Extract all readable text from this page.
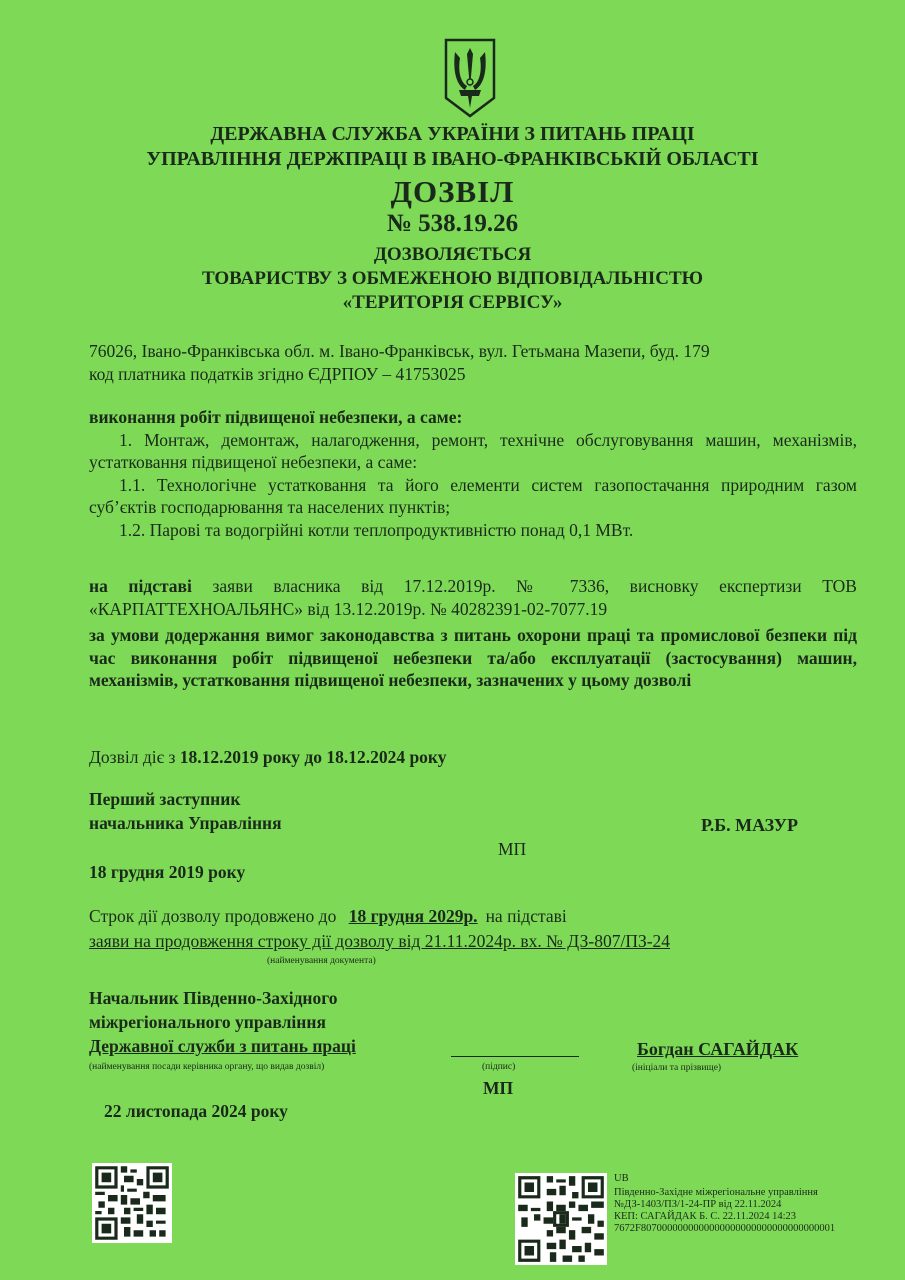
ДЕРЖАВНА СЛУЖБА УКРАЇНИ З ПИТАНЬ ПРАЦІ
УПРАВЛІННЯ ДЕРЖПРАЦІ В ІВАНО-ФРАНКІВСЬКІЙ ОБЛАСТІ
ДОЗВІЛ
№ 538.19.26
ДОЗВОЛЯЄТЬСЯ
ТОВАРИСТВУ З ОБМЕЖЕНОЮ ВІДПОВІДАЛЬНІСТЮ
«ТЕРИТОРІЯ СЕРВІСУ»
76026, Івано-Франківська обл. м. Івано-Франківськ, вул. Гетьмана Мазепи, буд. 179
код платника податків згідно ЄДРПОУ – 41753025
виконання робіт підвищеної небезпеки, а саме:
1. Монтаж, демонтаж, налагодження, ремонт, технічне обслуговування машин, механізмів, устатковання підвищеної небезпеки, а саме:
1.1. Технологічне устатковання та його елементи систем газопостачання природним газом суб’єктів господарювання та населених пунктів;
1.2. Парові та водогрійні котли теплопродуктивністю понад 0,1 МВт.
на підставі заяви власника від 17.12.2019р. № 7336, висновку експертизи ТОВ «КАРПАТТЕХНОАЛЬЯНС» від 13.12.2019р. № 40282391-02-7077.19
за умови додержання вимог законодавства з питань охорони праці та промислової безпеки під час виконання робіт підвищеної небезпеки та/або експлуатації (застосування) машин, механізмів, устатковання підвищеної небезпеки, зазначених у цьому дозволі
Дозвіл діє з 18.12.2019 року до 18.12.2024 року
Перший заступник
начальника Управління	Р.Б. МАЗУР
МП
18 грудня 2019 року
Строк дії дозволу продовжено до 18 грудня 2029р. на підставі
заяви на продовження строку дії дозволу від 21.11.2024р. вх. № ДЗ-807/ПЗ-24
(найменування документа)
Начальник Південно-Західного
міжрегіонального управління
Державної служби з питань праці
(найменування посади керівника органу, що видав дозвіл)	(підпис)
Богдан САГАЙДАК
(ініціали та прізвище)
МП
22 листопада 2024 року
UB
Південно-Західне міжрегіональне управління
№ДЗ-1403/ПЗ/1-24-ПР від 22.11.2024
КЕП: САГАЙДАК Б. С. 22.11.2024 14:23
7672F8070000000000000000000000000000000001
